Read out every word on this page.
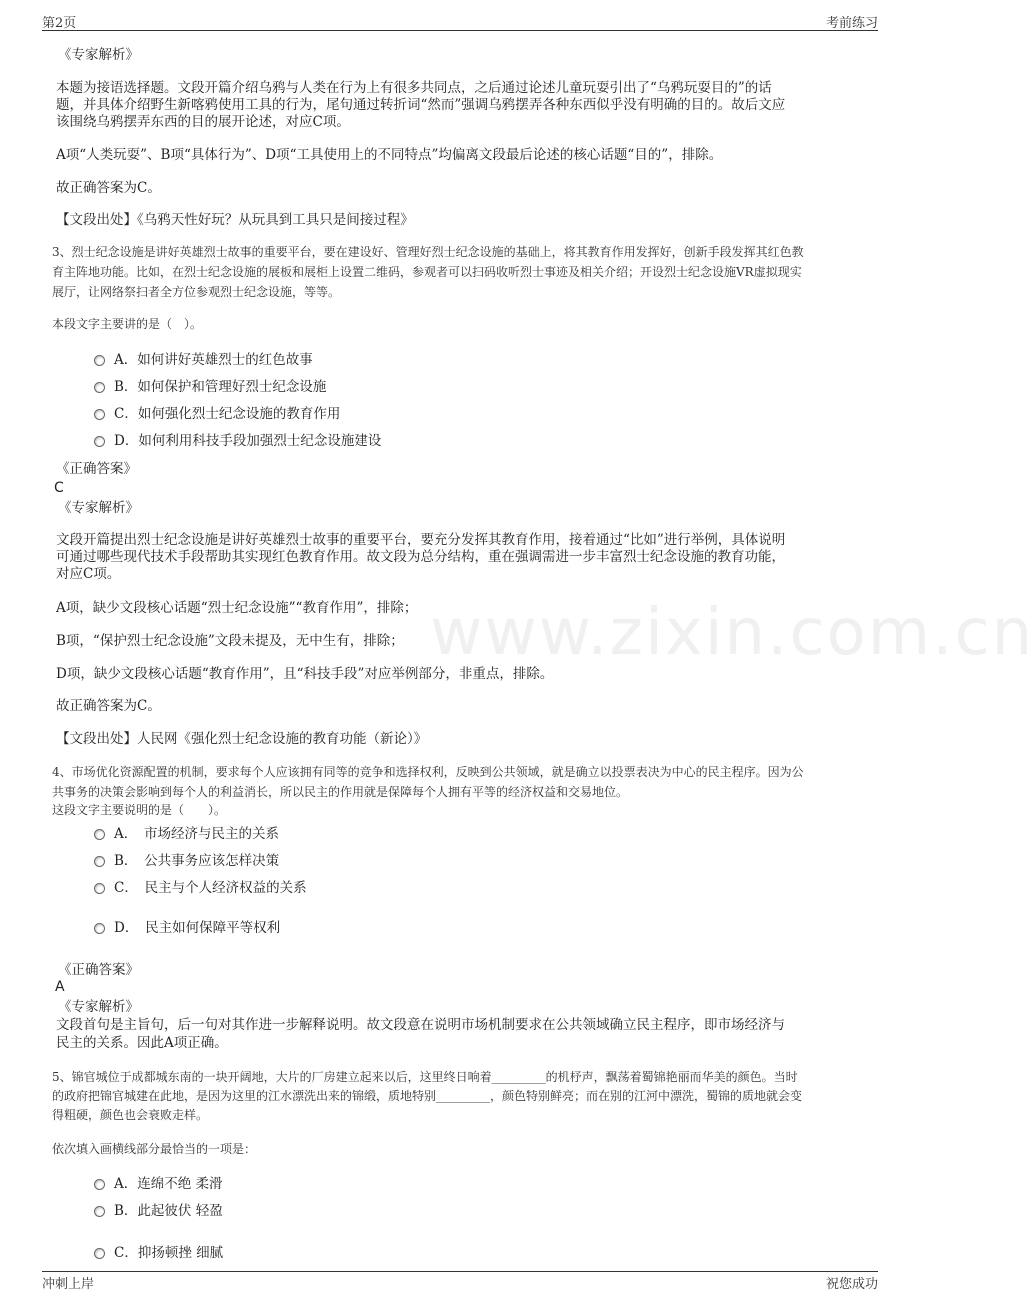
第2页	考前练习
www.zixin.com.cn
《专家解析》
本题为接语选择题。文段开篇介绍乌鸦与人类在行为上有很多共同点，之后通过论述儿童玩耍引出了“乌鸦玩耍目的”的话
题，并具体介绍野生新喀鸦使用工具的行为，尾句通过转折词“然而”强调乌鸦摆弄各种东西似乎没有明确的目的。故后文应
该围绕乌鸦摆弄东西的目的展开论述，对应C项。
A项“人类玩耍”、B项“具体行为”、D项“工具使用上的不同特点”均偏离文段最后论述的核心话题“目的”，排除。
故正确答案为C。
【文段出处】《乌鸦天性好玩？从玩具到工具只是间接过程》
3、烈士纪念设施是讲好英雄烈士故事的重要平台，要在建设好、管理好烈士纪念设施的基础上，将其教育作用发挥好，创新手段发挥其红色教
育主阵地功能。比如，在烈士纪念设施的展板和展柜上设置二维码，参观者可以扫码收听烈士事迹及相关介绍；开设烈士纪念设施VR虚拟现实
展厅，让网络祭扫者全方位参观烈士纪念设施，等等。
本段文字主要讲的是（　）。
A．如何讲好英雄烈士的红色故事
B．如何保护和管理好烈士纪念设施
C．如何强化烈士纪念设施的教育作用
D．如何利用科技手段加强烈士纪念设施建设
《正确答案》
C
《专家解析》
文段开篇提出烈士纪念设施是讲好英雄烈士故事的重要平台，要充分发挥其教育作用，接着通过“比如”进行举例，具体说明
可通过哪些现代技术手段帮助其实现红色教育作用。故文段为总分结构，重在强调需进一步丰富烈士纪念设施的教育功能，
对应C项。
A项，缺少文段核心话题“烈士纪念设施”“教育作用”，排除；
B项，“保护烈士纪念设施”文段未提及，无中生有，排除；
D项，缺少文段核心话题“教育作用”，且“科技手段”对应举例部分，非重点，排除。
故正确答案为C。
【文段出处】人民网《强化烈士纪念设施的教育功能（新论）》
4、市场优化资源配置的机制，要求每个人应该拥有同等的竞争和选择权利，反映到公共领域，就是确立以投票表决为中心的民主程序。因为公
共事务的决策会影响到每个人的利益消长，所以民主的作用就是保障每个人拥有平等的经济权益和交易地位。
这段文字主要说明的是（　　）。
A．　市场经济与民主的关系
B．　公共事务应该怎样决策
C．　民主与个人经济权益的关系
D．　民主如何保障平等权利
《正确答案》
A
《专家解析》
文段首句是主旨句，后一句对其作进一步解释说明。故文段意在说明市场机制要求在公共领域确立民主程序，即市场经济与
民主的关系。因此A项正确。
5、锦官城位于成都城东南的一块开阔地，大片的厂房建立起来以后，这里终日响着_________的机杼声，飘荡着蜀锦艳丽而华美的颜色。当时
的政府把锦官城建在此地，是因为这里的江水漂洗出来的锦缎，质地特别_________，颜色特别鲜亮；而在别的江河中漂洗，蜀锦的质地就会变
得粗硬，颜色也会衰败走样。
依次填入画横线部分最恰当的一项是：
A．连绵不绝 柔滑
B．此起彼伏 轻盈
C．抑扬顿挫 细腻
冲刺上岸	祝您成功
